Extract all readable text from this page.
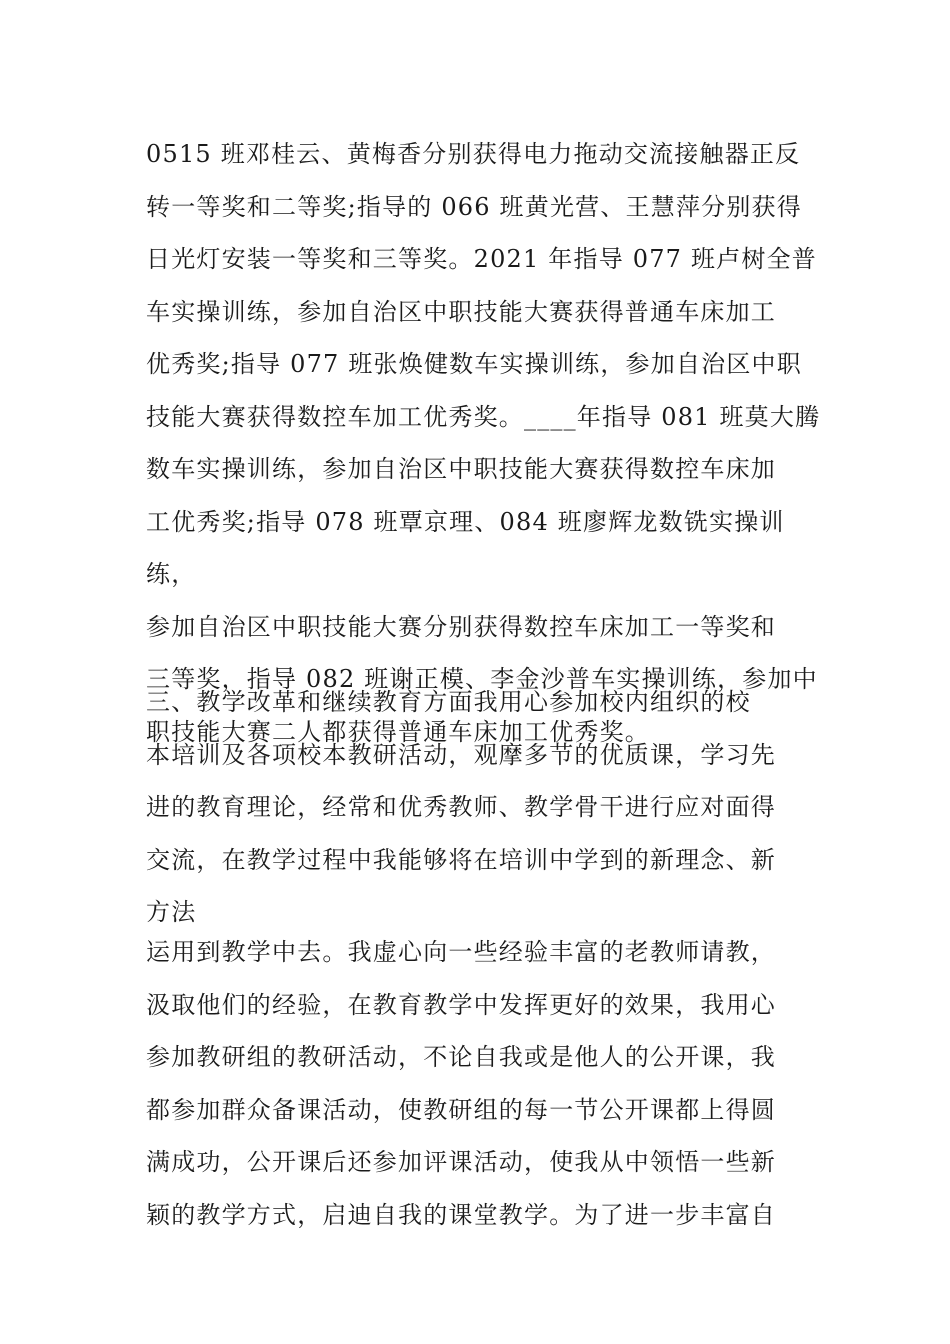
0515 班邓桂云、黄梅香分别获得电力拖动交流接触器正反
转一等奖和二等奖;指导的 066 班黄光营、王慧萍分别获得
日光灯安装一等奖和三等奖。2021 年指导 077 班卢树全普
车实操训练，参加自治区中职技能大赛获得普通车床加工
优秀奖;指导 077 班张焕健数车实操训练，参加自治区中职
技能大赛获得数控车加工优秀奖。____年指导 081 班莫大腾
数车实操训练，参加自治区中职技能大赛获得数控车床加
工优秀奖;指导 078 班覃京理、084 班廖辉龙数铣实操训练，
参加自治区中职技能大赛分别获得数控车床加工一等奖和
三等奖，指导 082 班谢正模、李金沙普车实操训练，参加中
职技能大赛二人都获得普通车床加工优秀奖。

三、教学改革和继续教育方面我用心参加校内组织的校
本培训及各项校本教研活动，观摩多节的优质课，学习先
进的教育理论，经常和优秀教师、教学骨干进行应对面得
交流，在教学过程中我能够将在培训中学到的新理念、新
方法

运用到教学中去。我虚心向一些经验丰富的老教师请教，
汲取他们的经验，在教育教学中发挥更好的效果，我用心
参加教研组的教研活动，不论自我或是他人的公开课，我
都参加群众备课活动，使教研组的每一节公开课都上得圆
满成功，公开课后还参加评课活动，使我从中领悟一些新
颖的教学方式，启迪自我的课堂教学。为了进一步丰富自
